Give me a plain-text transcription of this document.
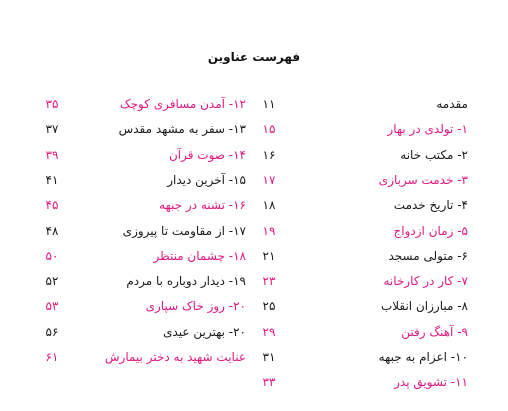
فهرست عناوین
مقدمه
۱۱
۱۲- آمدن مسافری کوچک
۳۵
۱- تولدی در بهار
۱۵
۱۳- سفر به مشهد مقدس
۳۷
۲- مکتب خانه
۱۶
۱۴- صوت قرآن
۳۹
۳- خدمت سربازی
۱۷
۱۵- آخرین دیدار
۴۱
۴- تاریخ خدمت
۱۸
۱۶- تشنه در جبهه
۴۵
۵- زمان ازدواج
۱۹
۱۷- از مقاومت تا پیروزی
۴۸
۶- متولی مسجد
۲۱
۱۸- چشمان منتظر
۵۰
۷- کار در کارخانه
۲۳
۱۹- دیدار دوباره با مردم
۵۲
۸- مبارزان انقلاب
۲۵
۲۰- روز خاک سپاری
۵۳
۹- آهنگ رفتن
۲۹
۲۰- بهترین عیدی
۵۶
۱۰- اعزام به جبهه
۳۱
عنایت شهید به دختر بیمارش
۶۱
۱۱- تشویق پدر
۳۳
